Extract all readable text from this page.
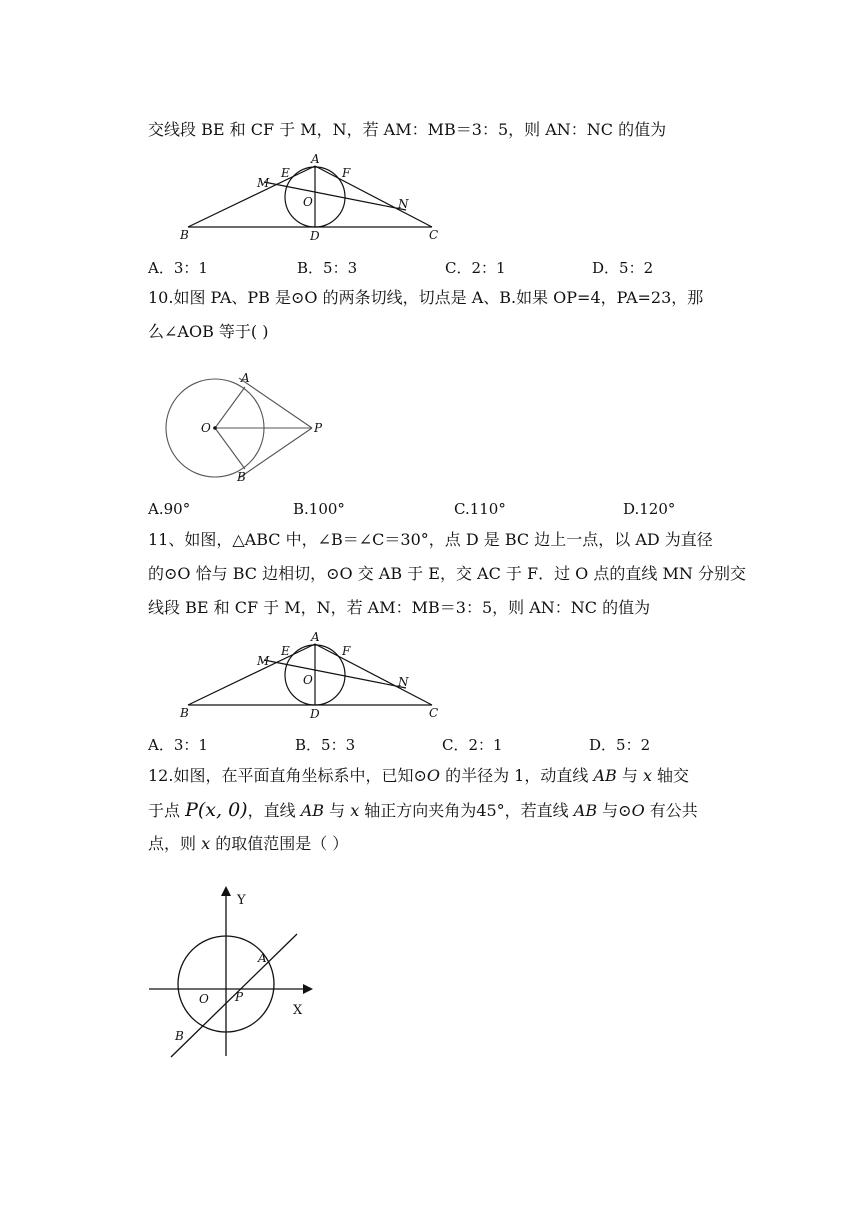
交线段 BE 和 CF 于 M，N，若 AM：MB＝3：5，则 AN：NC 的值为
A
B	C
D
E	F
M
N
O
A．3：1	B．5：3	C．2：1	D．5：2
10.如图 PA、PB 是⊙O 的两条切线，切点是 A、B.如果 OP=4，PA=23，那
么∠AOB 等于( )
A
B
O	P
A.90°	B.100°	C.110°	D.120°
11、如图，△ABC 中，∠B＝∠C＝30°，点 D 是 BC 边上一点，以 AD 为直径
的⊙O 恰与 BC 边相切，⊙O 交 AB 于 E，交 AC 于 F．过 O 点的直线 MN 分别交
线段 BE 和 CF 于 M，N，若 AM：MB＝3：5，则 AN：NC 的值为
A
B	C
D
E	F
M
N
O
A．3：1	B．5：3	C．2：1	D．5：2
12.如图，在平面直角坐标系中，已知⊙O 的半径为 1，动直线 AB 与 x 轴交
于点 P(x, 0)，直线 AB 与 x 轴正方向夹角为45°，若直线 AB 与⊙O 有公共
点，则 x 的取值范围是（ ）
Y
X
A
B
O P
